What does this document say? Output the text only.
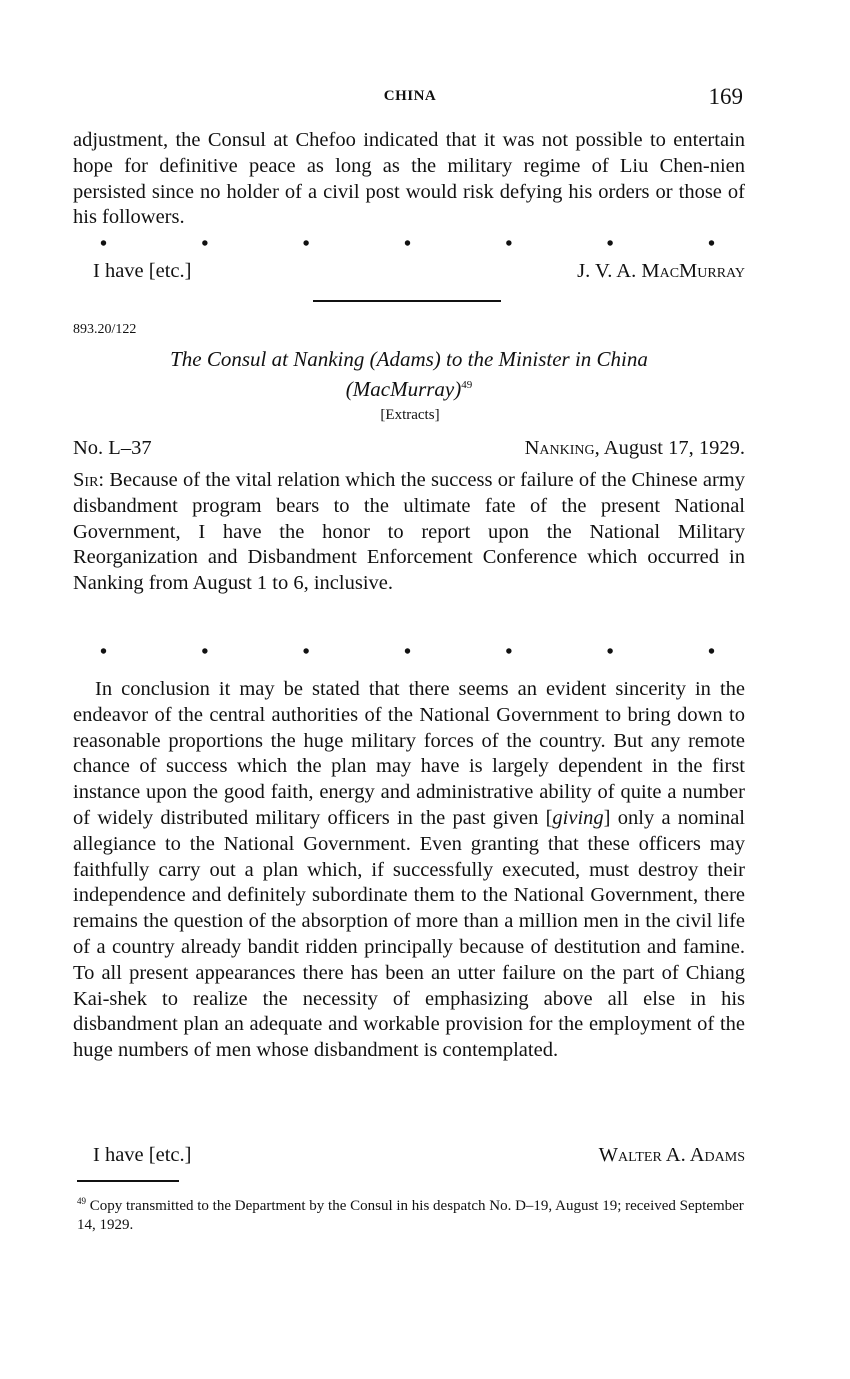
CHINA	169

adjustment, the Consul at Chefoo indicated that it was not possible to entertain hope for definitive peace as long as the military regime of Liu Chen-nien persisted since no holder of a civil post would risk defying his orders or those of his followers.

•	•	•	•	•	•	•
I have [etc.]	J. V. A. MacMurray
893.20/122
The Consul at Nanking (Adams) to the Minister in China
(MacMurray)$^{49}$
[Extracts]
No. L–37	Nanking, August 17, 1929.

Sir: Because of the vital relation which the success or failure of the Chinese army disbandment program bears to the ultimate fate of the present National Government, I have the honor to report upon the National Military Reorganization and Disbandment Enforcement Conference which occurred in Nanking from August 1 to 6, inclusive.

•	•	•	•	•	•	•

In conclusion it may be stated that there seems an evident sincerity in the endeavor of the central authorities of the National Government to bring down to reasonable proportions the huge military forces of the country. But any remote chance of success which the plan may have is largely dependent in the first instance upon the good faith, energy and administrative ability of quite a number of widely distributed military officers in the past given [giving] only a nominal allegiance to the National Government. Even granting that these officers may faithfully carry out a plan which, if successfully executed, must destroy their independence and definitely subordinate them to the National Government, there remains the question of the absorption of more than a million men in the civil life of a country already bandit ridden principally because of destitution and famine. To all present appearances there has been an utter failure on the part of Chiang Kai-shek to realize the necessity of emphasizing above all else in his disbandment plan an adequate and workable provision for the employment of the huge numbers of men whose disbandment is contemplated.

I have [etc.]	Walter A. Adams
$^{49}$ Copy transmitted to the Department by the Consul in his despatch No. D–19, August 19; received September 14, 1929.
